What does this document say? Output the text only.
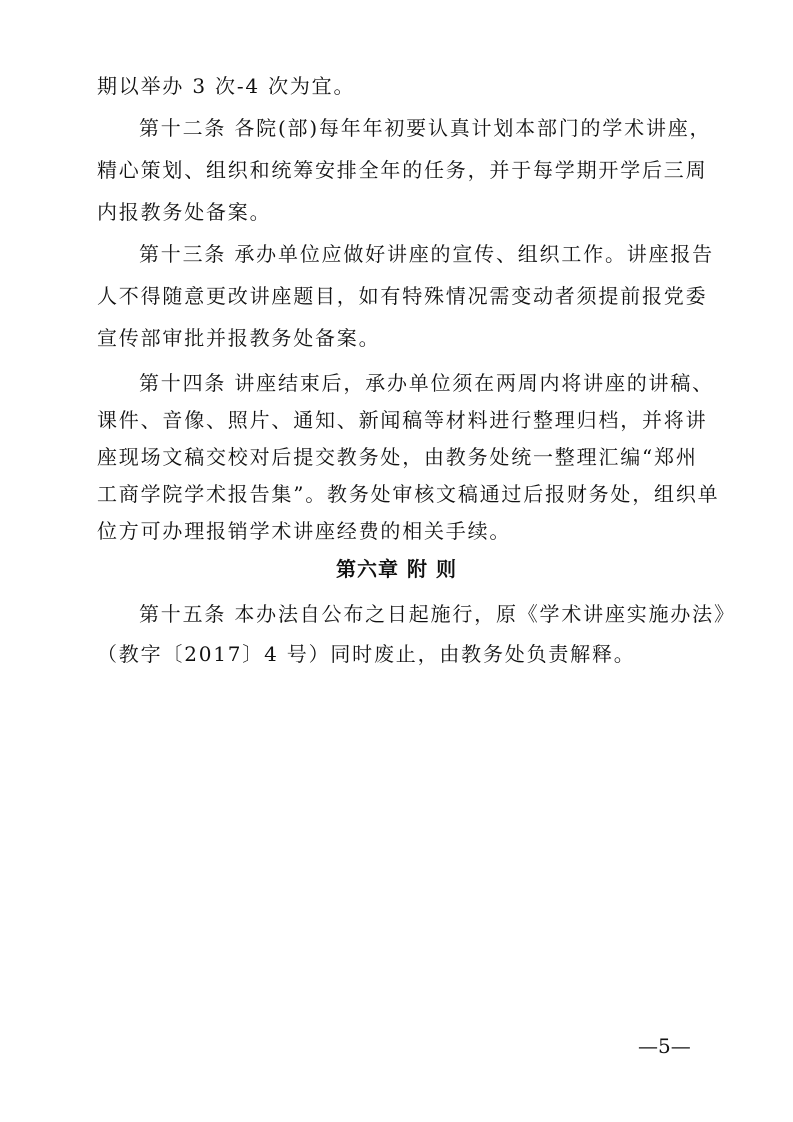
期以举办 3 次-4 次为宜。
第十二条 各院(部)每年年初要认真计划本部门的学术讲座，
精心策划、组织和统筹安排全年的任务，并于每学期开学后三周
内报教务处备案。
第十三条 承办单位应做好讲座的宣传、组织工作。讲座报告
人不得随意更改讲座题目，如有特殊情况需变动者须提前报党委
宣传部审批并报教务处备案。
第十四条 讲座结束后，承办单位须在两周内将讲座的讲稿、
课件、音像、照片、通知、新闻稿等材料进行整理归档，并将讲
座现场文稿交校对后提交教务处，由教务处统一整理汇编“郑州
工商学院学术报告集”。教务处审核文稿通过后报财务处，组织单
位方可办理报销学术讲座经费的相关手续。
第六章 附 则
第十五条 本办法自公布之日起施行，原《学术讲座实施办法》
（教字〔2017〕4 号）同时废止，由教务处负责解释。
—5—
